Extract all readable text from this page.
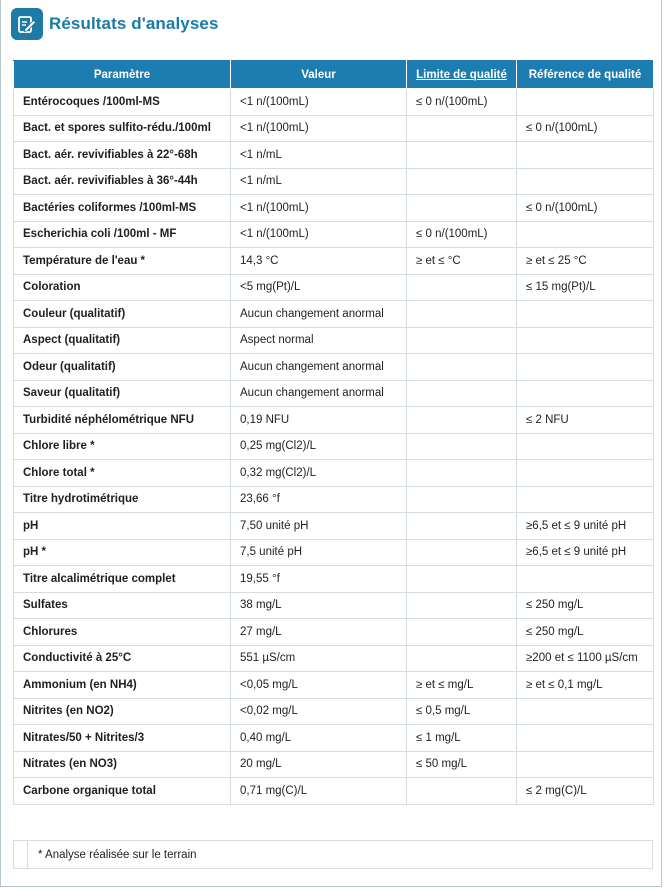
Résultats d'analyses
Paramètre	Valeur	Limite de qualité	Référence de qualité
Entérocoques /100ml-MS	<1 n/(100mL)	≤ 0 n/(100mL)	
Bact. et spores sulfito-rédu./100ml	<1 n/(100mL)		≤ 0 n/(100mL)
Bact. aér. revivifiables à 22°-68h	<1 n/mL		
Bact. aér. revivifiables à 36°-44h	<1 n/mL		
Bactéries coliformes /100ml-MS	<1 n/(100mL)		≤ 0 n/(100mL)
Escherichia coli /100ml - MF	<1 n/(100mL)	≤ 0 n/(100mL)	
Température de l'eau *	14,3 °C	≥ et ≤ °C	≥ et ≤ 25 °C
Coloration	<5 mg(Pt)/L		≤ 15 mg(Pt)/L
Couleur (qualitatif)	Aucun changement anormal		
Aspect (qualitatif)	Aspect normal		
Odeur (qualitatif)	Aucun changement anormal		
Saveur (qualitatif)	Aucun changement anormal		
Turbidité néphélométrique NFU	0,19 NFU		≤ 2 NFU
Chlore libre *	0,25 mg(Cl2)/L		
Chlore total *	0,32 mg(Cl2)/L		
Titre hydrotimétrique	23,66 °f		
pH	7,50 unité pH		≥6,5 et ≤ 9 unité pH
pH *	7,5 unité pH		≥6,5 et ≤ 9 unité pH
Titre alcalimétrique complet	19,55 °f		
Sulfates	38 mg/L		≤ 250 mg/L
Chlorures	27 mg/L		≤ 250 mg/L
Conductivité à 25°C	551 µS/cm		≥200 et ≤ 1100 µS/cm
Ammonium (en NH4)	<0,05 mg/L	≥ et ≤ mg/L	≥ et ≤ 0,1 mg/L
Nitrites (en NO2)	<0,02 mg/L	≤ 0,5 mg/L	
Nitrates/50 + Nitrites/3	0,40 mg/L	≤ 1 mg/L	
Nitrates (en NO3)	20 mg/L	≤ 50 mg/L	
Carbone organique total	0,71 mg(C)/L		≤ 2 mg(C)/L
* Analyse réalisée sur le terrain
